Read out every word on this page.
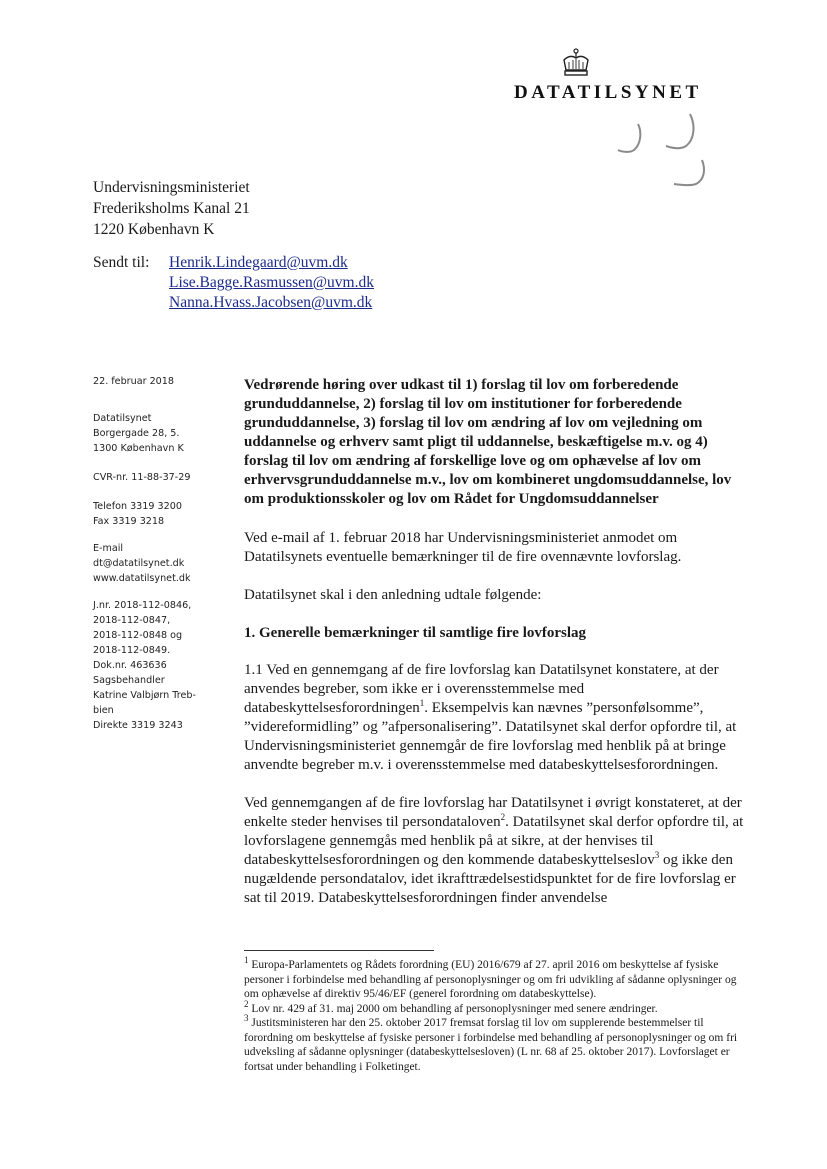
DATATILSYNET
Undervisningsministeriet
Frederiksholms Kanal 21
1220 København K
Sendt til:	Henrik.Lindegaard@uvm.dk
Lise.Bagge.Rasmussen@uvm.dk
Nanna.Hvass.Jacobsen@uvm.dk
22. februar 2018
Datatilsynet
Borgergade 28, 5.
1300 København K
CVR-nr. 11-88-37-29
Telefon 3319 3200
Fax 3319 3218
E-mail
dt@datatilsynet.dk
www.datatilsynet.dk
J.nr. 2018-112-0846,
2018-112-0847,
2018-112-0848 og
2018-112-0849.
Dok.nr. 463636
Sagsbehandler
Katrine Valbjørn Treb-
bien
Direkte 3319 3243
Vedrørende høring over udkast til 1) forslag til lov om forberedende grunduddannelse, 2) forslag til lov om institutioner for forberedende grunduddannelse, 3) forslag til lov om ændring af lov om vejledning om uddannelse og erhverv samt pligt til uddannelse, beskæftigelse m.v. og 4) forslag til lov om ændring af forskellige love og om ophævelse af lov om erhvervsgrunduddannelse m.v., lov om kombineret ungdomsuddannelse, lov om produktionsskoler og lov om Rådet for Ungdomsuddannelser

Ved e-mail af 1. februar 2018 har Undervisningsministeriet anmodet om Datatilsynets eventuelle bemærkninger til de fire ovennævnte lovforslag.

Datatilsynet skal i den anledning udtale følgende:

1. Generelle bemærkninger til samtlige fire lovforslag

1.1 Ved en gennemgang af de fire lovforslag kan Datatilsynet konstatere, at der anvendes begreber, som ikke er i overensstemmelse med databeskyttelsesforordningen$^1$. Eksempelvis kan nævnes ”personfølsomme”, ”videreformidling” og ”afpersonalisering”. Datatilsynet skal derfor opfordre til, at Undervisningsministeriet gennemgår de fire lovforslag med henblik på at bringe anvendte begreber m.v. i overensstemmelse med databeskyttelsesforordningen.

Ved gennemgangen af de fire lovforslag har Datatilsynet i øvrigt konstateret, at der enkelte steder henvises til persondataloven$^2$. Datatilsynet skal derfor opfordre til, at lovforslagene gennemgås med henblik på at sikre, at der henvises til databeskyttelsesforordningen og den kommende databeskyttelseslov$^3$ og ikke den nugældende persondatalov, idet ikrafttrædelsestidspunktet for de fire lovforslag er sat til 2019. Databeskyttelsesforordningen finder anvendelse

$^1$ Europa-Parlamentets og Rådets forordning (EU) 2016/679 af 27. april 2016 om beskyttelse af fysiske personer i forbindelse med behandling af personoplysninger og om fri udvikling af sådanne oplysninger og om ophævelse af direktiv 95/46/EF (generel forordning om databeskyttelse).
$^2$ Lov nr. 429 af 31. maj 2000 om behandling af personoplysninger med senere ændringer.
$^3$ Justitsministeren har den 25. oktober 2017 fremsat forslag til lov om supplerende bestemmelser til forordning om beskyttelse af fysiske personer i forbindelse med behandling af personoplysninger og om fri udveksling af sådanne oplysninger (databeskyttelsesloven) (L nr. 68 af 25. oktober 2017). Lovforslaget er fortsat under behandling i Folketinget.
